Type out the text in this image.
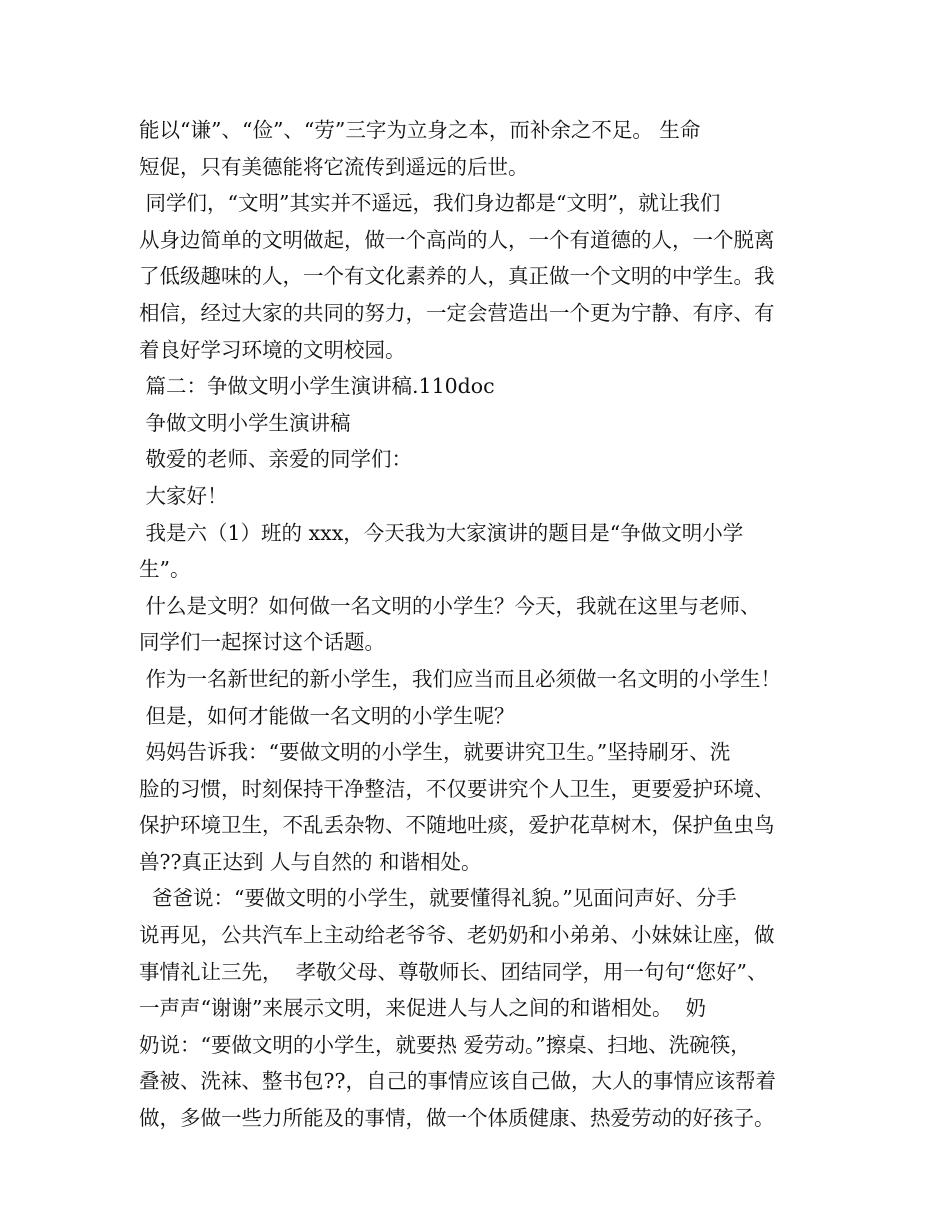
能以“谦”、“俭”、“劳”三字为立身之本，而补余之不足。 生命
短促，只有美德能将它流传到遥远的后世。
同学们，“文明”其实并不遥远，我们身边都是“文明”，就让我们
从身边简单的文明做起，做一个高尚的人，一个有道德的人，一个脱离
了低级趣味的人，一个有文化素养的人，真正做一个文明的中学生。我
相信，经过大家的共同的努力，一定会营造出一个更为宁静、有序、有
着良好学习环境的文明校园。
篇二：争做文明小学生演讲稿.110doc
争做文明小学生演讲稿
敬爱的老师、亲爱的同学们：
大家好！
我是六（1）班的 xxx，今天我为大家演讲的题目是“争做文明小学
生”。
什么是文明？如何做一名文明的小学生？今天，我就在这里与老师、
同学们一起探讨这个话题。
作为一名新世纪的新小学生，我们应当而且必须做一名文明的小学生！
但是，如何才能做一名文明的小学生呢？
妈妈告诉我：“要做文明的小学生，就要讲究卫生。”坚持刷牙、洗
脸的习惯，时刻保持干净整洁，不仅要讲究个人卫生，更要爱护环境、
保护环境卫生，不乱丢杂物、不随地吐痰，爱护花草树木，保护鱼虫鸟
兽??真正达到 人与自然的 和谐相处。
爸爸说：“要做文明的小学生，就要懂得礼貌。”见面问声好、分手
说再见，公共汽车上主动给老爷爷、老奶奶和小弟弟、小妹妹让座，做
事情礼让三先，  孝敬父母、尊敬师长、团结同学，用一句句“您好”、
一声声“谢谢”来展示文明，来促进人与人之间的和谐相处。  奶
奶说：“要做文明的小学生，就要热 爱劳动。”擦桌、扫地、洗碗筷，
叠被、洗袜、整书包??，自己的事情应该自己做，大人的事情应该帮着
做，多做一些力所能及的事情，做一个体质健康、热爱劳动的好孩子。
